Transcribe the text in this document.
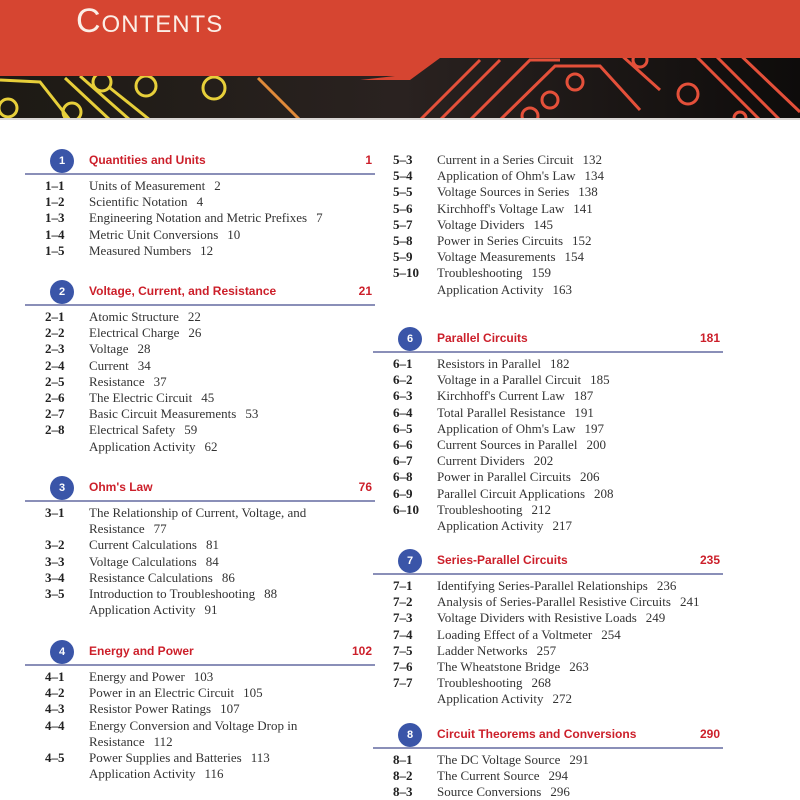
Contents
1	Quantities and Units	1
1–1	Units of Measurement 2
1–2	Scientific Notation 4
1–3	Engineering Notation and Metric Prefixes 7
1–4	Metric Unit Conversions 10
1–5	Measured Numbers 12
2	Voltage, Current, and Resistance	21
2–1	Atomic Structure 22
2–2	Electrical Charge 26
2–3	Voltage 28
2–4	Current 34
2–5	Resistance 37
2–6	The Electric Circuit 45
2–7	Basic Circuit Measurements 53
2–8	Electrical Safety 59
Application Activity 62
3	Ohm's Law	76
3–1	The Relationship of Current, Voltage, and Resistance 77
3–2	Current Calculations 81
3–3	Voltage Calculations 84
3–4	Resistance Calculations 86
3–5	Introduction to Troubleshooting 88
Application Activity 91
4	Energy and Power	102
4–1	Energy and Power 103
4–2	Power in an Electric Circuit 105
4–3	Resistor Power Ratings 107
4–4	Energy Conversion and Voltage Drop in Resistance 112
4–5	Power Supplies and Batteries 113
Application Activity 116
5–3	Current in a Series Circuit 132
5–4	Application of Ohm's Law 134
5–5	Voltage Sources in Series 138
5–6	Kirchhoff's Voltage Law 141
5–7	Voltage Dividers 145
5–8	Power in Series Circuits 152
5–9	Voltage Measurements 154
5–10	Troubleshooting 159
Application Activity 163
6	Parallel Circuits	181
6–1	Resistors in Parallel 182
6–2	Voltage in a Parallel Circuit 185
6–3	Kirchhoff's Current Law 187
6–4	Total Parallel Resistance 191
6–5	Application of Ohm's Law 197
6–6	Current Sources in Parallel 200
6–7	Current Dividers 202
6–8	Power in Parallel Circuits 206
6–9	Parallel Circuit Applications 208
6–10	Troubleshooting 212
Application Activity 217
7	Series-Parallel Circuits	235
7–1	Identifying Series-Parallel Relationships 236
7–2	Analysis of Series-Parallel Resistive Circuits 241
7–3	Voltage Dividers with Resistive Loads 249
7–4	Loading Effect of a Voltmeter 254
7–5	Ladder Networks 257
7–6	The Wheatstone Bridge 263
7–7	Troubleshooting 268
Application Activity 272
8	Circuit Theorems and Conversions	290
8–1	The DC Voltage Source 291
8–2	The Current Source 294
8–3	Source Conversions 296
